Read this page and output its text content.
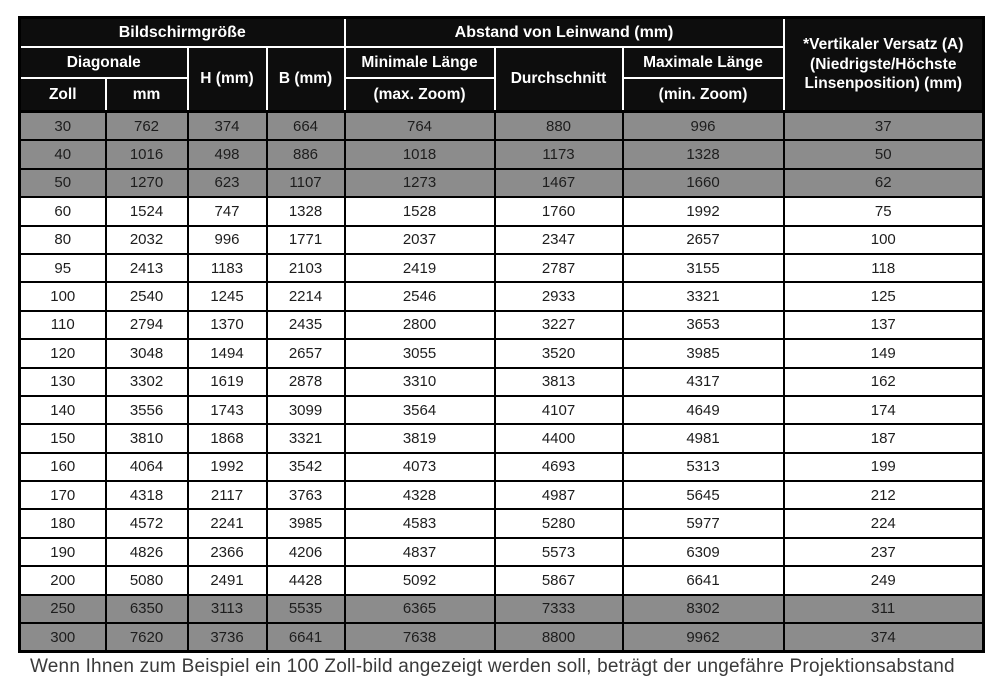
Bildschirmgröße				Abstand von Leinwand (mm)			*Vertikaler Versatz (A)
(Niedrigste/Höchste
Linsenposition) (mm)

Diagonale		H (mm)	B (mm)	Minimale Länge	Durchschnitt	Maximale Länge	
Zoll	mm			(max. Zoom)		(min. Zoom)	
30	762	374	664	764	880	996	37
40	1016	498	886	1018	1173	1328	50
50	1270	623	1107	1273	1467	1660	62
60	1524	747	1328	1528	1760	1992	75
80	2032	996	1771	2037	2347	2657	100
95	2413	1183	2103	2419	2787	3155	118
100	2540	1245	2214	2546	2933	3321	125
110	2794	1370	2435	2800	3227	3653	137
120	3048	1494	2657	3055	3520	3985	149
130	3302	1619	2878	3310	3813	4317	162
140	3556	1743	3099	3564	4107	4649	174
150	3810	1868	3321	3819	4400	4981	187
160	4064	1992	3542	4073	4693	5313	199
170	4318	2117	3763	4328	4987	5645	212
180	4572	2241	3985	4583	5280	5977	224
190	4826	2366	4206	4837	5573	6309	237
200	5080	2491	4428	5092	5867	6641	249
250	6350	3113	5535	6365	7333	8302	311
300	7620	3736	6641	7638	8800	9962	374
Wenn Ihnen zum Beispiel ein 100 Zoll-bild angezeigt werden soll, beträgt der ungefähre Projektionsabstand
